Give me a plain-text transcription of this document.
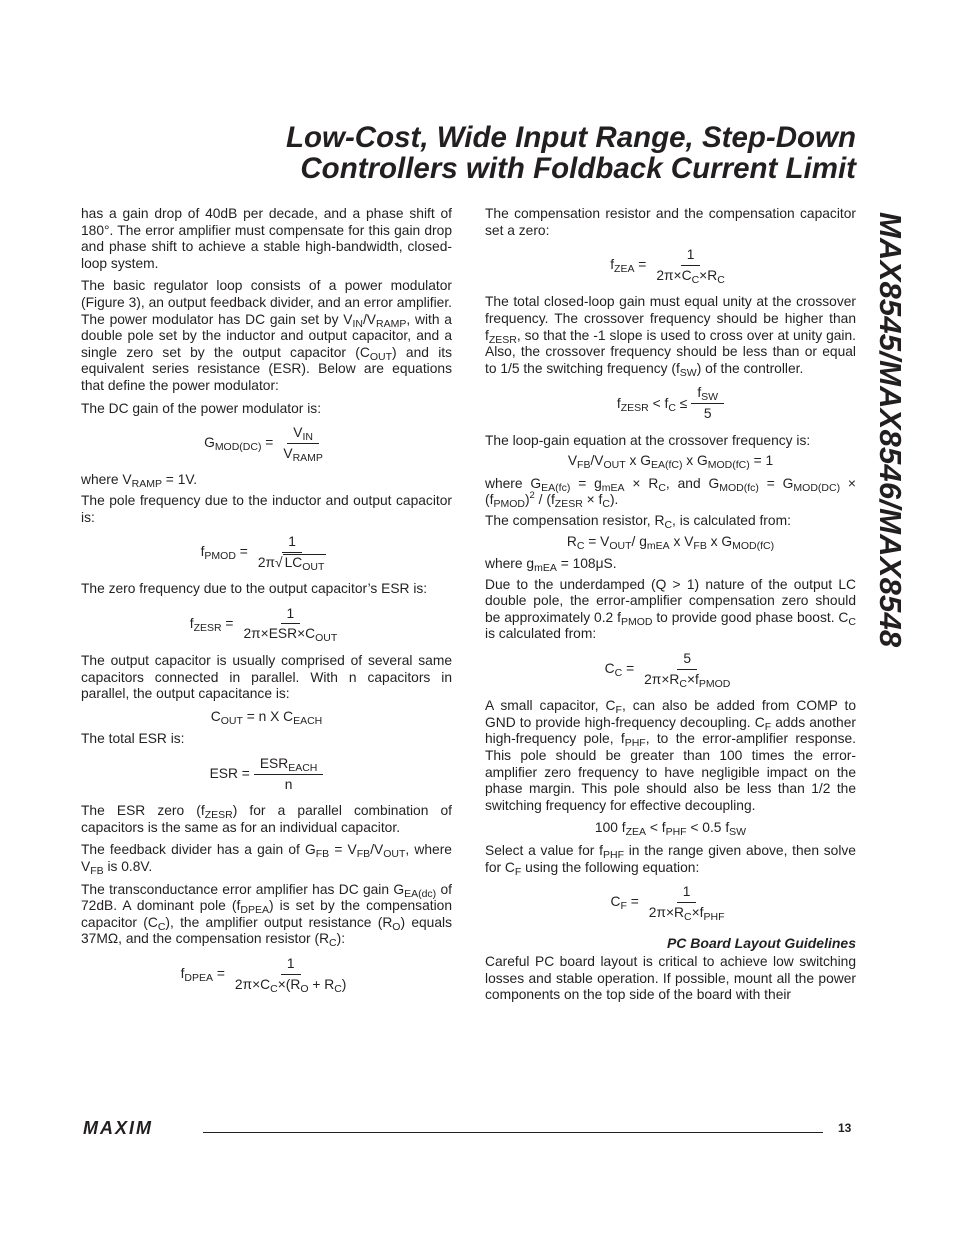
Low-Cost, Wide Input Range, Step-Down
Controllers with Foldback Current Limit
MAX8545/MAX8546/MAX8548

has a gain drop of 40dB per decade, and a phase shift of 180°. The error amplifier must compensate for this gain drop and phase shift to achieve a stable high-bandwidth, closed-loop system.

The basic regulator loop consists of a power modulator (Figure 3), an output feedback divider, and an error amplifier. The power modulator has DC gain set by $V_{IN}/V_{RAMP}$, with a double pole set by the inductor and output capacitor, and a single zero set by the output capacitor $(C_{OUT})$ and its equivalent series resistance (ESR). Below are equations that define the power modulator:

The DC gain of the power modulator is:

$G_{MOD(DC)} = \frac{V_{IN}}{V_{RAMP}}$

where $V_{RAMP} = 1V$.

The pole frequency due to the inductor and output capacitor is:

$f_{PMOD} = \frac{1}{2\pi√ LC_{OUT}}$

The zero frequency due to the output capacitor’s ESR is:

$f_{ZESR} = \frac{1}{2\pi\times ESR\times C_{OUT}}$

The output capacitor is usually comprised of several same capacitors connected in parallel. With n capacitors in parallel, the output capacitance is:

$C_{OUT} = n$ X $C_{EACH}$

The total ESR is:

ESR = $\frac{ESR_{EACH}}{n}$

The ESR zero $(f_{ZESR})$ for a parallel combination of capacitors is the same as for an individual capacitor.

The feedback divider has a gain of $G_{FB} = V_{FB}/V_{OUT}$, where $V_{FB}$ is 0.8V.

The transconductance error amplifier has DC gain $G_{EA(dc)}$ of 72dB. A dominant pole $(f_{DPEA})$ is set by the compensation capacitor $(C_C)$, the amplifier output resistance $(R_O)$ equals 37MΩ, and the compensation resistor $(R_C)$:

$f_{DPEA} = \frac{1}{2\pi\times C_C\times(R_O + R_C)}$

The compensation resistor and the compensation capacitor set a zero:

$f_{ZEA} = \frac{1}{2\pi\times C_C\times R_C}$

The total closed-loop gain must equal unity at the crossover frequency. The crossover frequency should be higher than $f_{ZESR}$, so that the -1 slope is used to cross over at unity gain. Also, the crossover frequency should be less than or equal to 1/5 the switching frequency $(f_{SW})$ of the controller.

$f_{ZESR} < f_C \le \frac{f_{SW}}{5}$

The loop-gain equation at the crossover frequency is:

$V_{FB}/V_{OUT}$ x $G_{EA(fC)}$ x $G_{MOD(fC)} = 1$

where $G_{EA(fc)} = g_{mEA} \times R_C$, and $G_{MOD(fc)} = G_{MOD(DC)} \times (f_{PMOD})^2 / (f_{ZESR} \times f_C)$.

The compensation resistor, $R_C$, is calculated from:

$R_C = V_{OUT}/$ $g_{mEA}$ x $V_{FB}$ x $G_{MOD(fC)}$

where $g_{mEA} = 108\mu S$.

Due to the underdamped (Q > 1) nature of the output LC double pole, the error-amplifier compensation zero should be approximately 0.2 $f_{PMOD}$ to provide good phase boost. $C_C$ is calculated from:

$C_C = \frac{5}{2\pi\times R_C\times f_{PMOD}}$

A small capacitor, $C_F$, can also be added from COMP to GND to provide high-frequency decoupling. $C_F$ adds another high-frequency pole, $f_{PHF}$, to the error-amplifier response. This pole should be greater than 100 times the error-amplifier zero frequency to have negligible impact on the phase margin. This pole should also be less than 1/2 the switching frequency for effective decoupling.

100 $f_{ZEA} < f_{PHF} < 0.5$ $f_{SW}$

Select a value for $f_{PHF}$ in the range given above, then solve for $C_F$ using the following equation:

$C_F = \frac{1}{2\pi\times R_C\times f_{PHF}}$
PC Board Layout Guidelines

Careful PC board layout is critical to achieve low switching losses and stable operation. If possible, mount all the power components on the top side of the board with their

MAXIM	13
